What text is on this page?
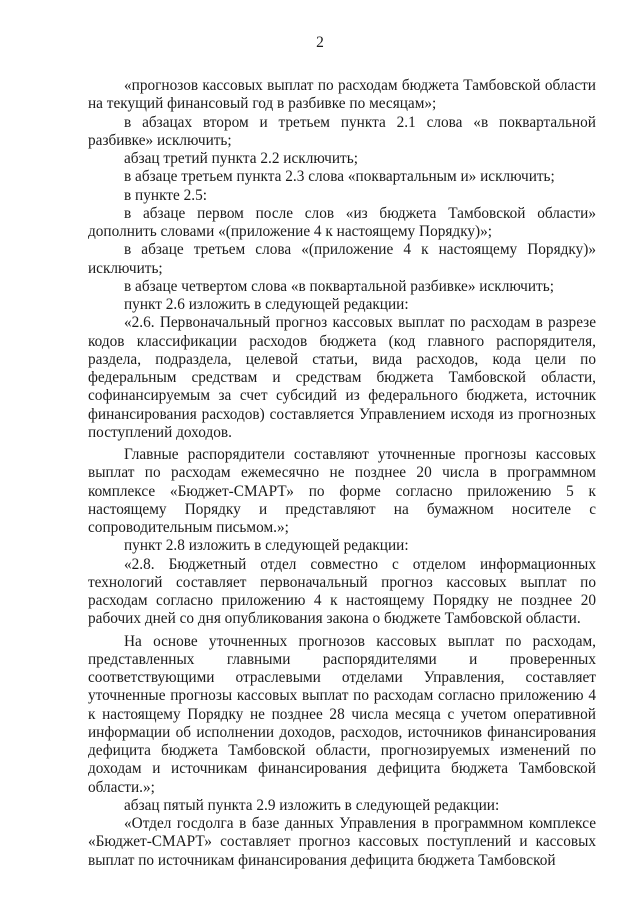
2

«прогнозов кассовых выплат по расходам бюджета Тамбовской области на текущий финансовый год в разбивке по месяцам»;

в абзацах втором и третьем пункта 2.1 слова «в поквартальной разбивке» исключить;

абзац третий пункта 2.2 исключить;

в абзаце третьем пункта 2.3 слова «поквартальным и» исключить;

в пункте 2.5:

в абзаце первом после слов «из бюджета Тамбовской области» дополнить словами «(приложение 4 к настоящему Порядку)»;

в абзаце третьем слова «(приложение 4 к настоящему Порядку)» исключить;

в абзаце четвертом слова «в поквартальной разбивке» исключить;

пункт 2.6 изложить в следующей редакции:

«2.6. Первоначальный прогноз кассовых выплат по расходам в разрезе кодов классификации расходов бюджета (код главного распорядителя, раздела, подраздела, целевой статьи, вида расходов, кода цели по федеральным средствам и средствам бюджета Тамбовской области, софинансируемым за счет субсидий из федерального бюджета, источник финансирования расходов) составляется Управлением исходя из прогнозных поступлений доходов.

Главные распорядители составляют уточненные прогнозы кассовых выплат по расходам ежемесячно не позднее 20 числа в программном комплексе «Бюджет-СМАРТ» по форме согласно приложению 5 к настоящему Порядку и представляют на бумажном носителе с сопроводительным письмом.»;

пункт 2.8 изложить в следующей редакции:

«2.8. Бюджетный отдел совместно с отделом информационных технологий составляет первоначальный прогноз кассовых выплат по расходам согласно приложению 4 к настоящему Порядку не позднее 20 рабочих дней со дня опубликования закона о бюджете Тамбовской области.

На основе уточненных прогнозов кассовых выплат по расходам, представленных главными распорядителями и проверенных соответствующими отраслевыми отделами Управления, составляет уточненные прогнозы кассовых выплат по расходам согласно приложению 4 к настоящему Порядку не позднее 28 числа месяца с учетом оперативной информации об исполнении доходов, расходов, источников финансирования дефицита бюджета Тамбовской области, прогнозируемых изменений по доходам и источникам финансирования дефицита бюджета Тамбовской области.»;

абзац пятый пункта 2.9 изложить в следующей редакции:

«Отдел госдолга в базе данных Управления в программном комплексе «Бюджет-СМАРТ» составляет прогноз кассовых поступлений и кассовых выплат по источникам финансирования дефицита бюджета Тамбовской
